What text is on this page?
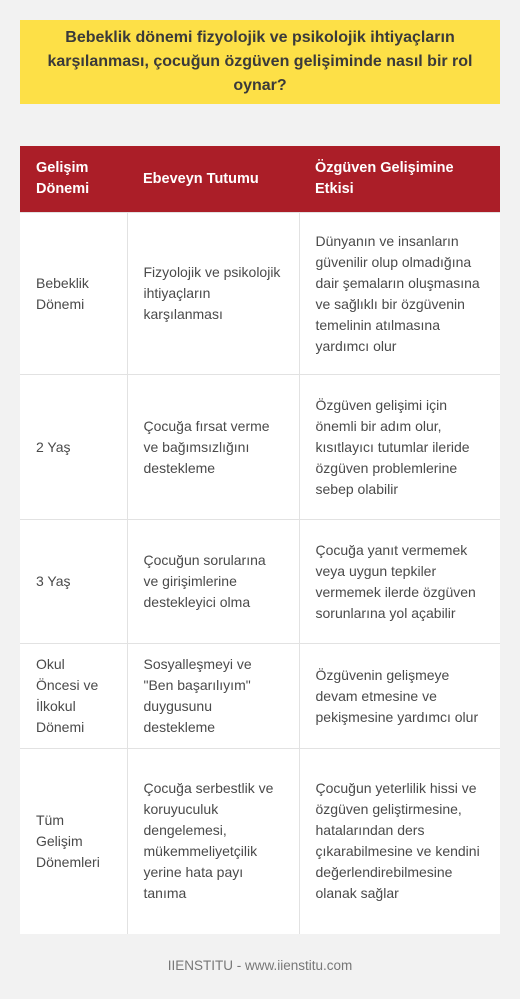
Bebeklik dönemi fizyolojik ve psikolojik ihtiyaçların karşılanması, çocuğun özgüven gelişiminde nasıl bir rol oynar?
Gelişim Dönemi	Ebeveyn Tutumu	Özgüven Gelişimine Etkisi
Bebeklik Dönemi	Fizyolojik ve psikolojik ihtiyaçların karşılanması	Dünyanın ve insanların güvenilir olup olmadığına dair şemaların oluşmasına ve sağlıklı bir özgüvenin temelinin atılmasına yardımcı olur
2 Yaş	Çocuğa fırsat verme ve bağımsızlığını destekleme	Özgüven gelişimi için önemli bir adım olur, kısıtlayıcı tutumlar ileride özgüven problemlerine sebep olabilir
3 Yaş	Çocuğun sorularına ve girişimlerine destekleyici olma	Çocuğa yanıt vermemek veya uygun tepkiler vermemek ilerde özgüven sorunlarına yol açabilir
Okul Öncesi ve İlkokul Dönemi	Sosyalleşmeyi ve "Ben başarılıyım" duygusunu destekleme	Özgüvenin gelişmeye devam etmesine ve pekişmesine yardımcı olur
Tüm Gelişim Dönemleri	Çocuğa serbestlik ve koruyuculuk dengelemesi, mükemmeliyetçilik yerine hata payı tanıma	Çocuğun yeterlilik hissi ve özgüven geliştirmesine, hatalarından ders çıkarabilmesine ve kendini değerlendirebilmesine olanak sağlar
IIENSTITU - www.iienstitu.com
